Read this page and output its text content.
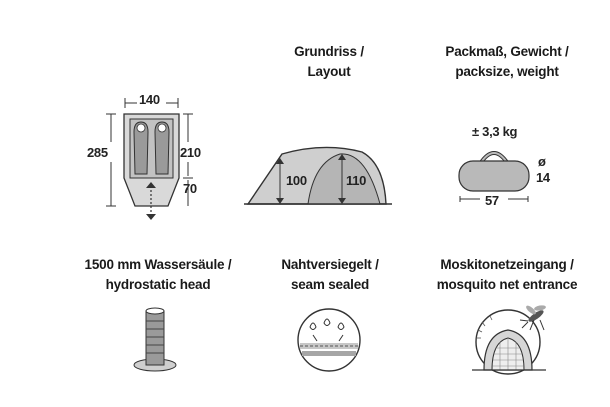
140
285	210
70
Grundriss /
Layout
100	110
Packmaß, Gewicht /
packsize, weight
± 3,3 kg
ø
14
57
1500 mm Wassersäule /
hydrostatic head
Nahtversiegelt /
seam sealed
Moskitonetzeingang /
mosquito net entrance
